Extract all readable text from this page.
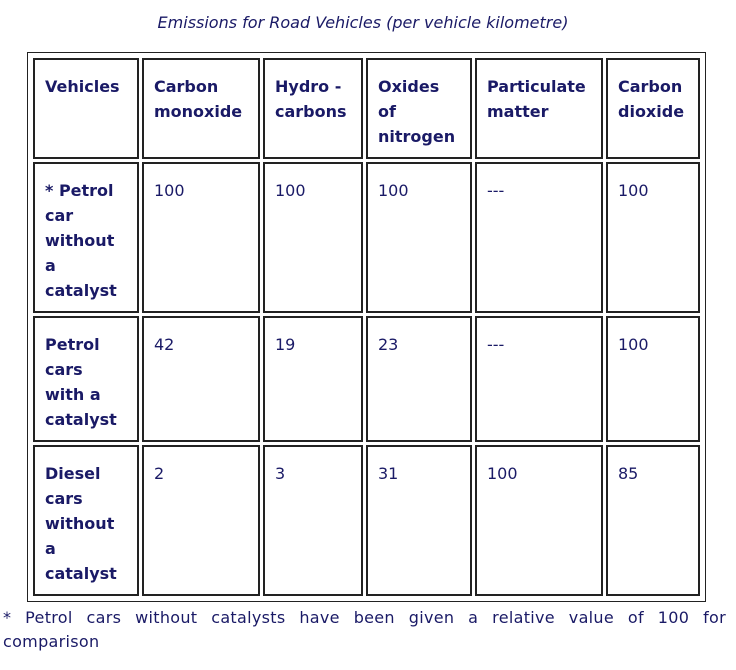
Emissions for Road Vehicles (per vehicle kilometre)
Vehicles	Carbon monoxide	Hydro - carbons	Oxides of nitrogen	Particulate matter	Carbon dioxide
* Petrol car without a catalyst	100	100	100	---	100
Petrol cars with a catalyst	42	19	23	---	100
Diesel cars without a catalyst	2	3	31	100	85
* Petrol cars without catalysts have been given a relative value of 100 for comparison
